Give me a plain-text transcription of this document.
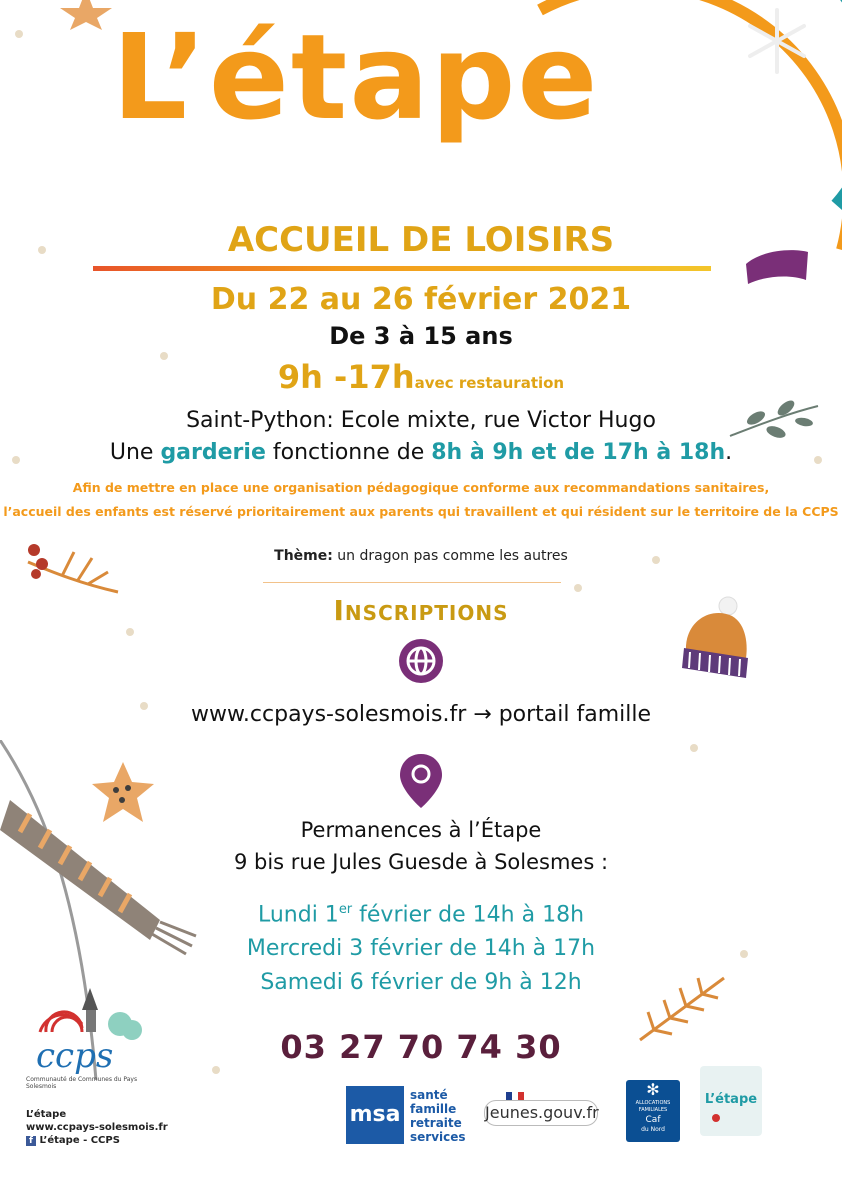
L’étape
ACCUEIL DE LOISIRS
Du 22 au 26 février 2021
De 3 à 15 ans
9h -17havec restauration
Saint-Python: Ecole mixte, rue Victor Hugo
Une garderie fonctionne de 8h à 9h et de 17h à 18h.
Afin de mettre en place une organisation pédagogique conforme aux recommandations sanitaires,
l’accueil des enfants est réservé prioritairement aux parents qui travaillent et qui résident sur le territoire de la CCPS
Thème: un dragon pas comme les autres
Inscriptions
www.ccpays-solesmois.fr → portail famille
Permanences à l’Étape
9 bis rue Jules Guesde à Solesmes :
Lundi 1er février de 14h à 18h
Mercredi 3 février de 14h à 17h
Samedi 6 février de 9h à 12h
03 27 70 74 30
ccps
Communauté de Communes du Pays Solesmois
L’étape
www.ccpays-solesmois.fr
f L’étape - CCPS
msa
santé
famille
retraite
services
Jeunes.gouv.fr
✻
ALLOCATIONS
FAMILIALES
Caf
du Nord
L’étape
